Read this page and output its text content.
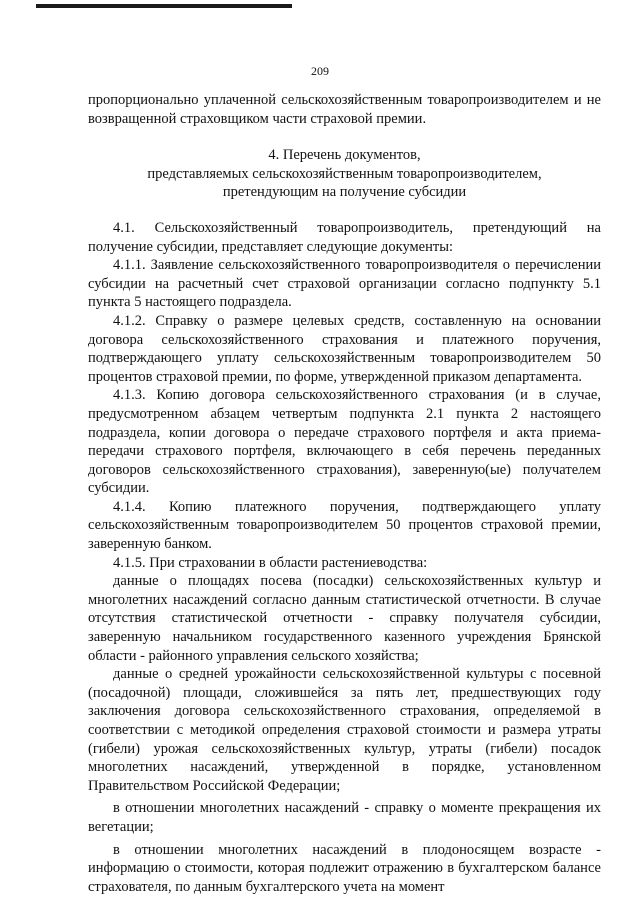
209

пропорционально уплаченной сельскохозяйственным товаропроизводителем и не возвращенной страховщиком части страховой премии.

4. Перечень документов,
представляемых сельскохозяйственным товаропроизводителем,
претендующим на получение субсидии

4.1. Сельскохозяйственный товаропроизводитель, претендующий на получение субсидии, представляет следующие документы:

4.1.1. Заявление сельскохозяйственного товаропроизводителя о перечислении субсидии на расчетный счет страховой организации согласно подпункту 5.1 пункта 5 настоящего подраздела.

4.1.2. Справку о размере целевых средств, составленную на основании договора сельскохозяйственного страхования и платежного поручения, подтверждающего уплату сельскохозяйственным товаропроизводителем 50 процентов страховой премии, по форме, утвержденной приказом департамента.

4.1.3. Копию договора сельскохозяйственного страхования (и в случае, предусмотренном абзацем четвертым подпункта 2.1 пункта 2 настоящего подраздела, копии договора о передаче страхового портфеля и акта приема-передачи страхового портфеля, включающего в себя перечень переданных договоров сельскохозяйственного страхования), заверенную(ые) получателем субсидии.

4.1.4. Копию платежного поручения, подтверждающего уплату сельскохозяйственным товаропроизводителем 50 процентов страховой премии, заверенную банком.

4.1.5. При страховании в области растениеводства:

данные о площадях посева (посадки) сельскохозяйственных культур и многолетних насаждений согласно данным статистической отчетности. В случае отсутствия статистической отчетности - справку получателя субсидии, заверенную начальником государственного казенного учреждения Брянской области - районного управления сельского хозяйства;

данные о средней урожайности сельскохозяйственной культуры с посевной (посадочной) площади, сложившейся за пять лет, предшествующих году заключения договора сельскохозяйственного страхования, определяемой в соответствии с методикой определения страховой стоимости и размера утраты (гибели) урожая сельскохозяйственных культур, утраты (гибели) посадок многолетних насаждений, утвержденной в порядке, установленном Правительством Российской Федерации;

в отношении многолетних насаждений - справку о моменте прекращения их вегетации;

в отношении многолетних насаждений в плодоносящем возрасте - информацию о стоимости, которая подлежит отражению в бухгалтерском балансе страхователя, по данным бухгалтерского учета на момент
